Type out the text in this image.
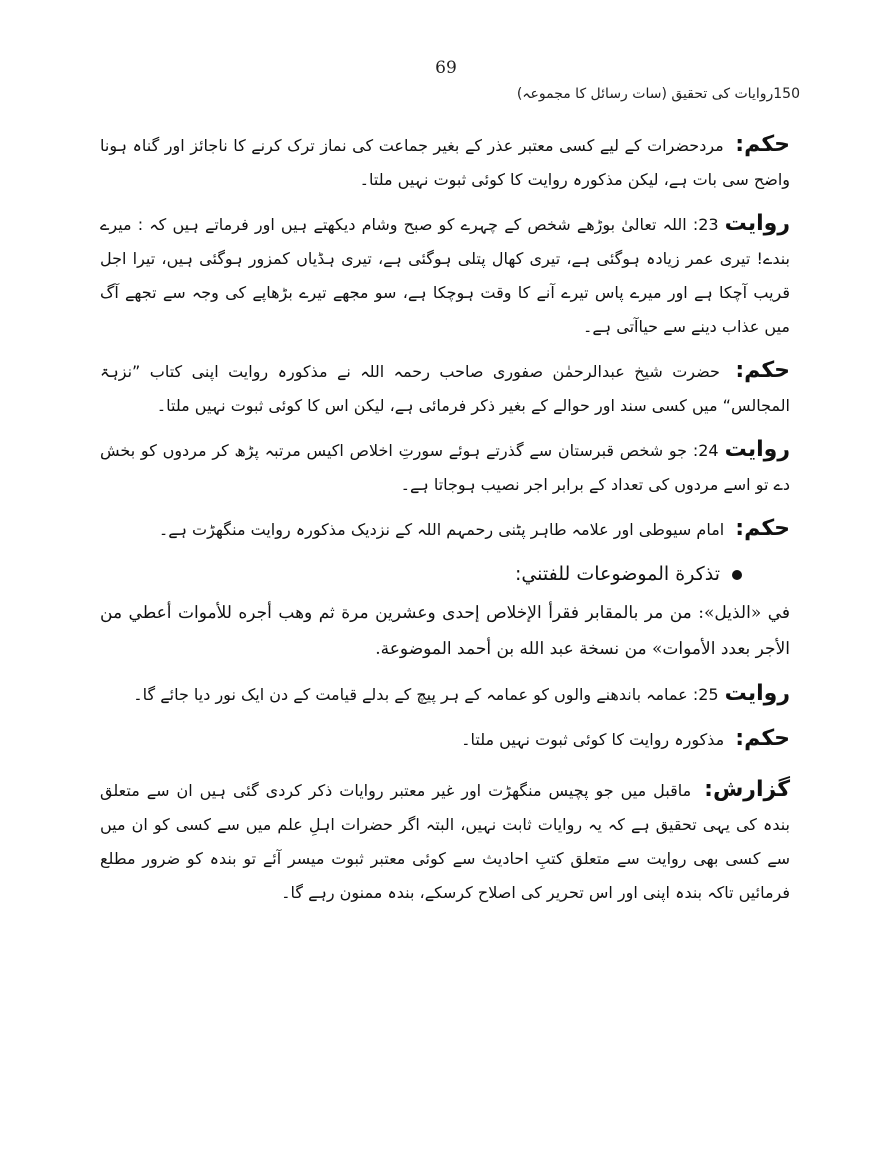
69
150روایات کی تحقیق (سات رسائل کا مجموعہ)

حکم: مردحضرات کے لیے کسی معتبر عذر کے بغیر جماعت کی نماز ترک کرنے کا ناجائز اور گناہ ہونا واضح سی بات ہے، لیکن مذکورہ روایت کا کوئی ثبوت نہیں ملتا۔

روایت23: اللہ تعالیٰ بوڑھے شخص کے چہرے کو صبح وشام دیکھتے ہیں اور فرماتے ہیں کہ : میرے بندے! تیری عمر زیادہ ہوگئی ہے، تیری کھال پتلی ہوگئی ہے، تیری ہڈیاں کمزور ہوگئی ہیں، تیرا اجل قریب آچکا ہے اور میرے پاس تیرے آنے کا وقت ہوچکا ہے، سو مجھے تیرے بڑھاپے کی وجہ سے تجھے آگ میں عذاب دینے سے حیاآتی ہے۔

حکم: حضرت شیخ عبدالرحمٰن صفوری صاحب رحمہ اللہ نے مذکورہ روایت اپنی کتاب ”نزہۃ المجالس“ میں کسی سند اور حوالے کے بغیر ذکر فرمائی ہے، لیکن اس کا کوئی ثبوت نہیں ملتا۔

روایت24: جو شخص قبرستان سے گذرتے ہوئے سورتِ اخلاص اکیس مرتبہ پڑھ کر مردوں کو بخش دے تو اسے مردوں کی تعداد کے برابر اجر نصیب ہوجاتا ہے۔

حکم: امام سیوطی اور علامہ طاہر پٹنی رحمہم اللہ کے نزدیک مذکورہ روایت منگھڑت ہے۔

تذكرة الموضوعات للفتني:

في «الذيل»: من مر بالمقابر فقرأ الإخلاص إحدى وعشرين مرة ثم وهب أجره للأموات أعطي من الأجر بعدد الأموات» من نسخة عبد الله بن أحمد الموضوعة.

روایت25: عمامہ باندھنے والوں کو عمامہ کے ہر پیچ کے بدلے قیامت کے دن ایک نور دیا جائے گا۔

حکم: مذکورہ روایت کا کوئی ثبوت نہیں ملتا۔

گزارش: ماقبل میں جو پچیس منگھڑت اور غیر معتبر روایات ذکر کردی گئی ہیں ان سے متعلق بندہ کی یہی تحقیق ہے کہ یہ روایات ثابت نہیں، البتہ اگر حضرات اہلِ علم میں سے کسی کو ان میں سے کسی بھی روایت سے متعلق کتبِ احادیث سے کوئی معتبر ثبوت میسر آئے تو بندہ کو ضرور مطلع فرمائیں تاکہ بندہ اپنی اور اس تحریر کی اصلاح کرسکے، بندہ ممنون رہے گا۔
